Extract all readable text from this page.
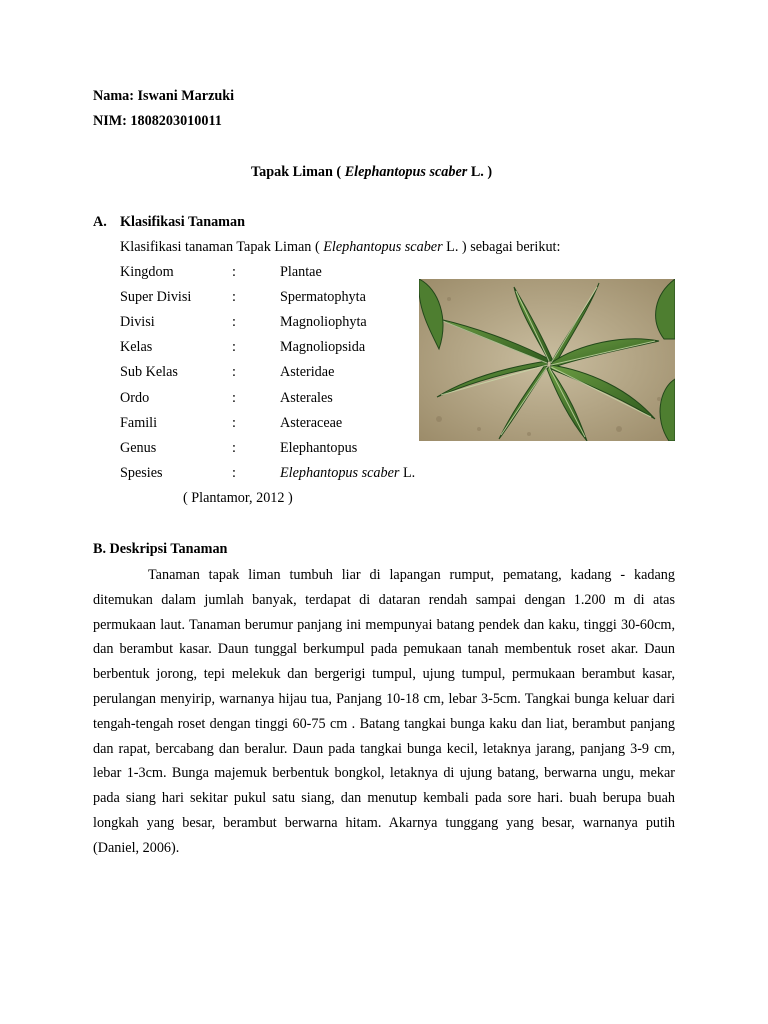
Nama: Iswani Marzuki
NIM: 1808203010011
Tapak Liman ( Elephantopus scaber L. )
A. Klasifikasi Tanaman
Klasifikasi tanaman Tapak Liman ( Elephantopus scaber L. ) sebagai berikut:
Kingdom	:	Plantae
Super Divisi	:	Spermatophyta
Divisi	:	Magnoliophyta
Kelas	:	Magnoliopsida
Sub Kelas	:	Asteridae
Ordo	:	Asterales
Famili	:	Asteraceae
Genus	:	Elephantopus
Spesies	:	Elephantopus scaber L.
( Plantamor, 2012 )
B. Deskripsi Tanaman

Tanaman tapak liman tumbuh liar di lapangan rumput, pematang, kadang - kadang ditemukan dalam jumlah banyak, terdapat di dataran rendah sampai dengan 1.200 m di atas permukaan laut. Tanaman berumur panjang ini mempunyai batang pendek dan kaku, tinggi 30-60cm, dan berambut kasar. Daun tunggal berkumpul pada pemukaan tanah membentuk roset akar. Daun berbentuk jorong, tepi melekuk dan bergerigi tumpul, ujung tumpul, permukaan berambut kasar, perulangan menyirip, warnanya hijau tua, Panjang 10-18 cm, lebar 3-5cm. Tangkai bunga keluar dari tengah-tengah roset dengan tinggi 60-75 cm . Batang tangkai bunga kaku dan liat, berambut panjang dan rapat, bercabang dan beralur. Daun pada tangkai bunga kecil, letaknya jarang, panjang 3-9 cm, lebar 1-3cm. Bunga majemuk berbentuk bongkol, letaknya di ujung batang, berwarna ungu, mekar pada siang hari sekitar pukul satu siang, dan menutup kembali pada sore hari. buah berupa buah longkah yang besar, berambut berwarna hitam. Akarnya tunggang yang besar, warnanya putih (Daniel, 2006).
